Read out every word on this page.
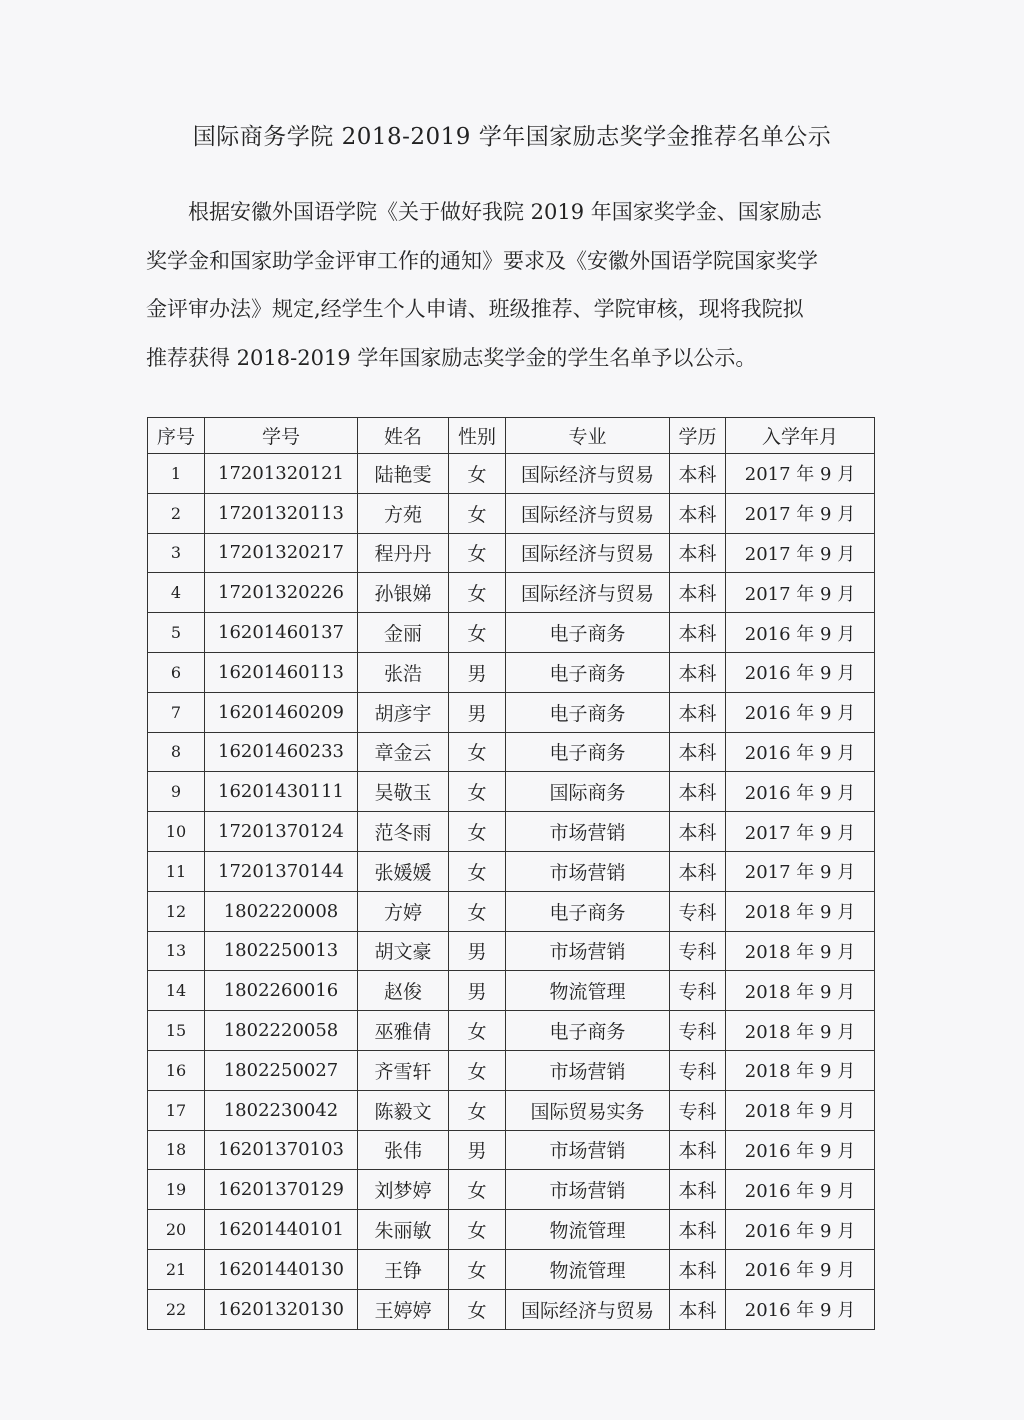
国际商务学院 2018-2019 学年国家励志奖学金推荐名单公示

根据安徽外国语学院《关于做好我院 2019 年国家奖学金、国家励志

奖学金和国家助学金评审工作的通知》要求及《安徽外国语学院国家奖学

金评审办法》规定,经学生个人申请、班级推荐、学院审核，现将我院拟

推荐获得 2018-2019 学年国家励志奖学金的学生名单予以公示。

序号	学号	姓名	性别	专业	学历	入学年月
1	17201320121	陆艳雯	女	国际经济与贸易	本科	2017 年 9 月
2	17201320113	方苑	女	国际经济与贸易	本科	2017 年 9 月
3	17201320217	程丹丹	女	国际经济与贸易	本科	2017 年 9 月
4	17201320226	孙银娣	女	国际经济与贸易	本科	2017 年 9 月
5	16201460137	金丽	女	电子商务	本科	2016 年 9 月
6	16201460113	张浩	男	电子商务	本科	2016 年 9 月
7	16201460209	胡彦宇	男	电子商务	本科	2016 年 9 月
8	16201460233	章金云	女	电子商务	本科	2016 年 9 月
9	16201430111	吴敬玉	女	国际商务	本科	2016 年 9 月
10	17201370124	范冬雨	女	市场营销	本科	2017 年 9 月
11	17201370144	张媛媛	女	市场营销	本科	2017 年 9 月
12	1802220008	方婷	女	电子商务	专科	2018 年 9 月
13	1802250013	胡文豪	男	市场营销	专科	2018 年 9 月
14	1802260016	赵俊	男	物流管理	专科	2018 年 9 月
15	1802220058	巫雅倩	女	电子商务	专科	2018 年 9 月
16	1802250027	齐雪轩	女	市场营销	专科	2018 年 9 月
17	1802230042	陈毅文	女	国际贸易实务	专科	2018 年 9 月
18	16201370103	张伟	男	市场营销	本科	2016 年 9 月
19	16201370129	刘梦婷	女	市场营销	本科	2016 年 9 月
20	16201440101	朱丽敏	女	物流管理	本科	2016 年 9 月
21	16201440130	王铮	女	物流管理	本科	2016 年 9 月
22	16201320130	王婷婷	女	国际经济与贸易	本科	2016 年 9 月
